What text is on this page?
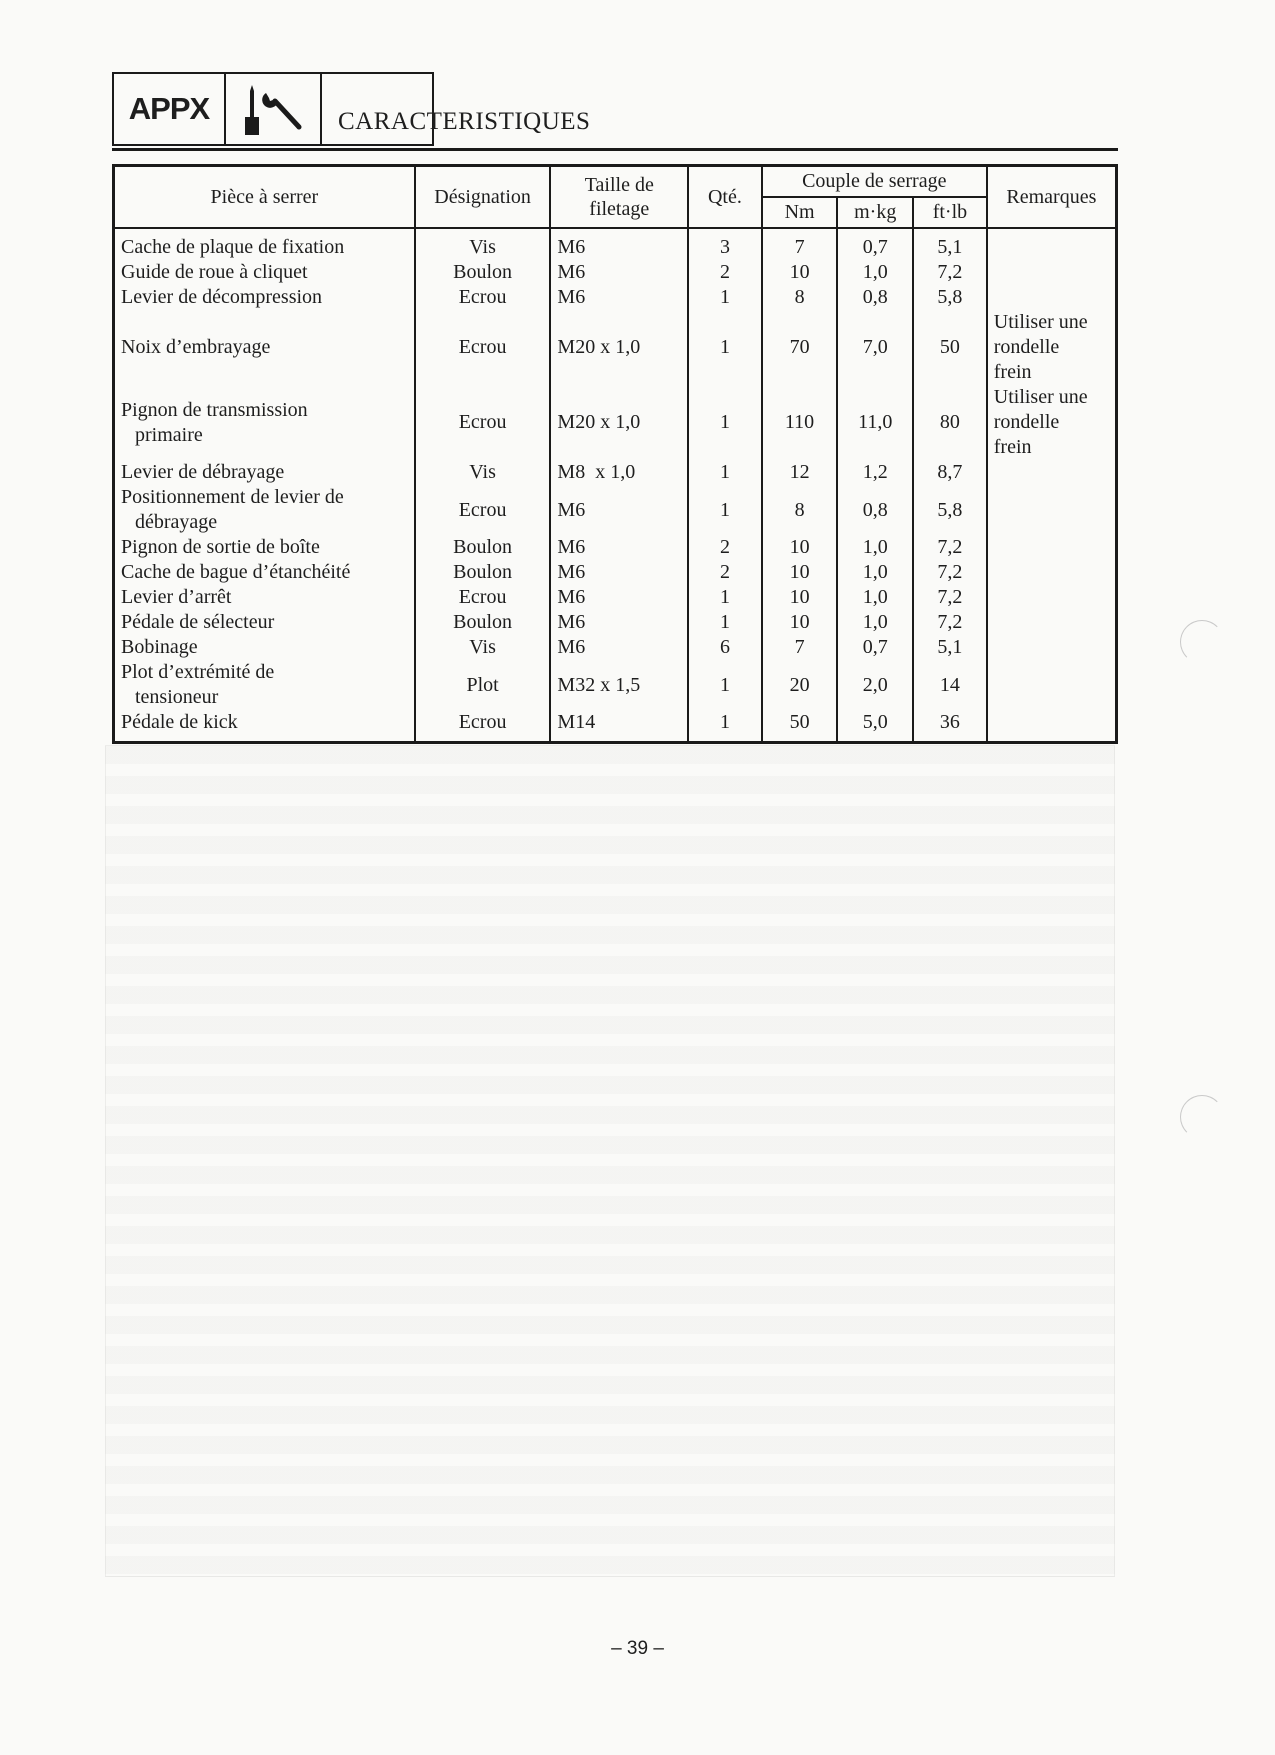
APPX	CARACTERISTIQUES
Pièce à serrer	Désignation	Taille de filetage	Qté.	Couple de serrage			Remarques
				Nm	m·kg	ft·lb	
Cache de plaque de fixation	Vis	M6	3	7	0,7	5,1	
Guide de roue à cliquet	Boulon	M6	2	10	1,0	7,2	
Levier de décompression	Ecrou	M6	1	8	0,8	5,8	
Noix d’embrayage	Ecrou	M20 x 1,0	1	70	7,0	50	Utiliser une
rondelle
frein

Pignon de transmission
primaire	Ecrou	M20 x 1,0	1	110	11,0	80	Utiliser une
rondelle
frein

Levier de débrayage	Vis	M8  x 1,0	1	12	1,2	8,7	

Positionnement de levier de
débrayage	Ecrou	M6	1	8	0,8	5,8	
Pignon de sortie de boîte	Boulon	M6	2	10	1,0	7,2	
Cache de bague d’étanchéité	Boulon	M6	2	10	1,0	7,2	
Levier d’arrêt	Ecrou	M6	1	10	1,0	7,2	
Pédale de sélecteur	Boulon	M6	1	10	1,0	7,2	
Bobinage	Vis	M6	6	7	0,7	5,1	

Plot d’extrémité de
tensioneur	Plot	M32 x 1,5	1	20	2,0	14	
Pédale de kick	Ecrou	M14	1	50	5,0	36	
– 39 –
